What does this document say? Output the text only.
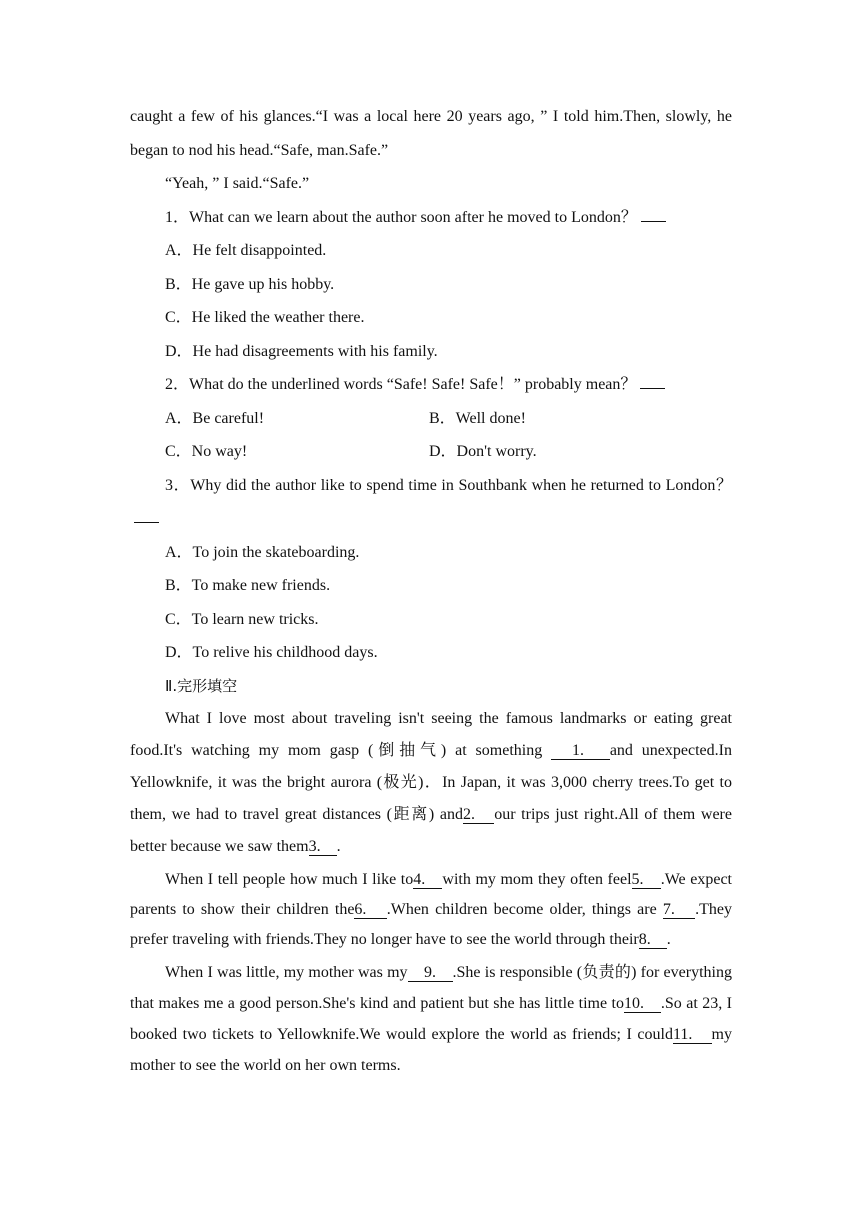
caught a few of his glances.“I was a local here 20 years ago, ” I told him.Then, slowly, he began to nod his head.“Safe, man.Safe.”

“Yeah, ” I said.“Safe.”

1．What can we learn about the author soon after he moved to London？

A．He felt disappointed.

B．He gave up his hobby.

C．He liked the weather there.

D．He had disagreements with his family.

2．What do the underlined words “Safe! Safe! Safe！” probably mean？

A．Be careful!	B．Well done!
C．No way!	D．Don't worry.

3．Why did the author like to spend time in Southbank when he returned to London？

A．To join the skateboarding.

B．To make new friends.

C．To learn new tricks.

D．To relive his childhood days.

Ⅱ.完形填空

What I love most about traveling isn't seeing the famous landmarks or eating great food.It's watching my mom gasp (倒抽气) at something 　1.　and unexpected.In Yellowknife, it was the bright aurora (极光)．In Japan, it was 3,000 cherry trees.To get to them, we had to travel great distances (距离) and2.　our trips just right.All of them were better because we saw them3.　.

When I tell people how much I like to4.　with my mom they often feel5.　.We expect parents to show their children the6.　.When children become older, things are 7.　.They prefer traveling with friends.They no longer have to see the world through their8.　.

When I was little, my mother was my　9.　.She is responsible (负责的) for everything that makes me a good person.She's kind and patient but she has little time to10.　.So at 23, I booked two tickets to Yellowknife.We would explore the world as friends; I could11.　my mother to see the world on her own terms.
